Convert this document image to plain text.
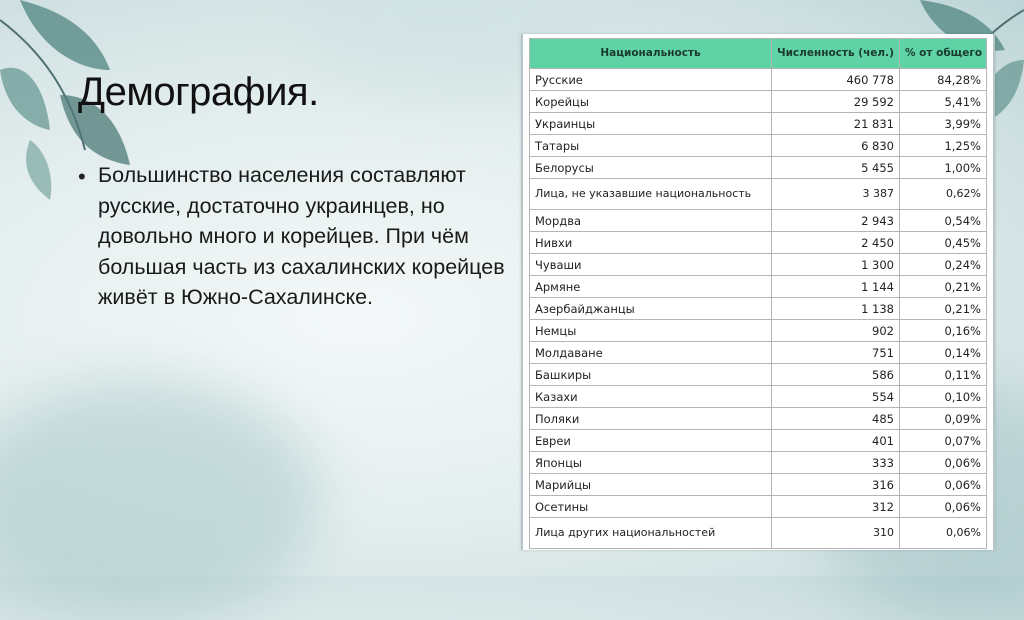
Демография.
• Большинство населения составляют русские, достаточно украинцев, но довольно много и корейцев. При чём большая часть из сахалинских корейцев живёт в Южно-Сахалинске.

Национальность	Численность (чел.)	% от общего
Русские	460 778	84,28%
Корейцы	29 592	5,41%
Украинцы	21 831	3,99%
Татары	6 830	1,25%
Белорусы	5 455	1,00%
Лица, не указавшие национальность	3 387	0,62%
Мордва	2 943	0,54%
Нивхи	2 450	0,45%
Чуваши	1 300	0,24%
Армяне	1 144	0,21%
Азербайджанцы	1 138	0,21%
Немцы	902	0,16%
Молдаване	751	0,14%
Башкиры	586	0,11%
Казахи	554	0,10%
Поляки	485	0,09%
Евреи	401	0,07%
Японцы	333	0,06%
Марийцы	316	0,06%
Осетины	312	0,06%
Лица других национальностей	310	0,06%
